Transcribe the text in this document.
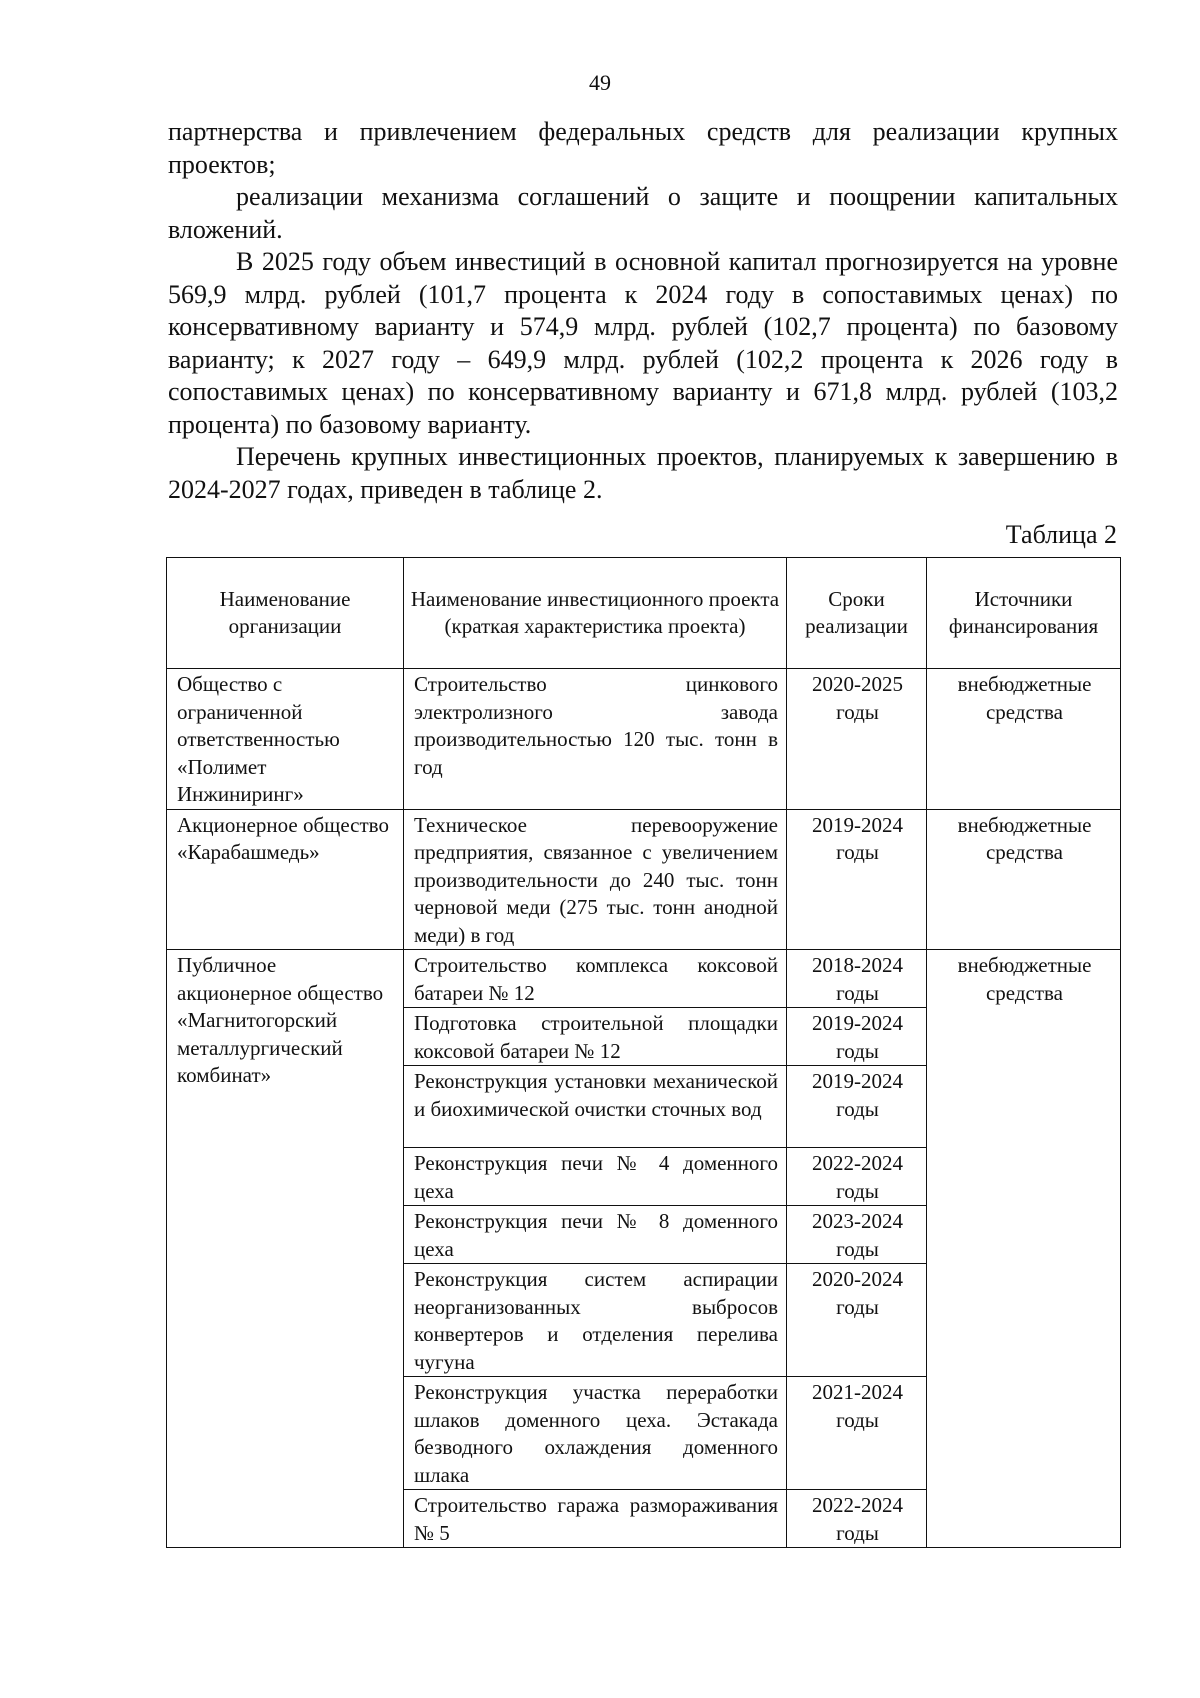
49

партнерства и привлечением федеральных средств для реализации крупных проектов;

реализации механизма соглашений о защите и поощрении капитальных вложений.

В 2025 году объем инвестиций в основной капитал прогнозируется на уровне 569,9 млрд. рублей (101,7 процента к 2024 году в сопоставимых ценах) по консервативному варианту и 574,9 млрд. рублей (102,7 процента) по базовому варианту; к 2027 году – 649,9 млрд. рублей (102,2 процента к 2026 году в сопоставимых ценах) по консервативному варианту и 671,8 млрд. рублей (103,2 процента) по базовому варианту.

Перечень крупных инвестиционных проектов, планируемых к завершению в 2024-2027 годах, приведен в таблице 2.

Таблица 2
Наименование организации	Наименование инвестиционного проекта (краткая характеристика проекта)	Сроки реализации	Источники финансирования
Общество с ограниченной ответственностью «Полимет Инжиниринг»	Строительство цинкового электролизного завода производительностью 120 тыс. тонн в год	2020-2025 годы	внебюджетные средства
Акционерное общество «Карабашмедь»	Техническое перевооружение предприятия, связанное с увеличением производительности до 240 тыс. тонн черновой меди (275 тыс. тонн анодной меди) в год	2019-2024 годы	внебюджетные средства
Публичное акционерное общество «Магнитогорский металлургический комбинат»	Строительство комплекса коксовой батареи № 12	2018-2024 годы	внебюджетные средства
	Подготовка строительной площадки коксовой батареи № 12	2019-2024 годы	
	Реконструкция установки механической и биохимической очистки сточных вод	2019-2024 годы	
	Реконструкция печи № 4 доменного цеха	2022-2024 годы	
	Реконструкция печи № 8 доменного цеха	2023-2024 годы	
	Реконструкция систем аспирации неорганизованных выбросов конвертеров и отделения перелива чугуна	2020-2024 годы	
	Реконструкция участка переработки шлаков доменного цеха. Эстакада безводного охлаждения доменного шлака	2021-2024 годы	
	Строительство гаража размораживания № 5	2022-2024 годы	
